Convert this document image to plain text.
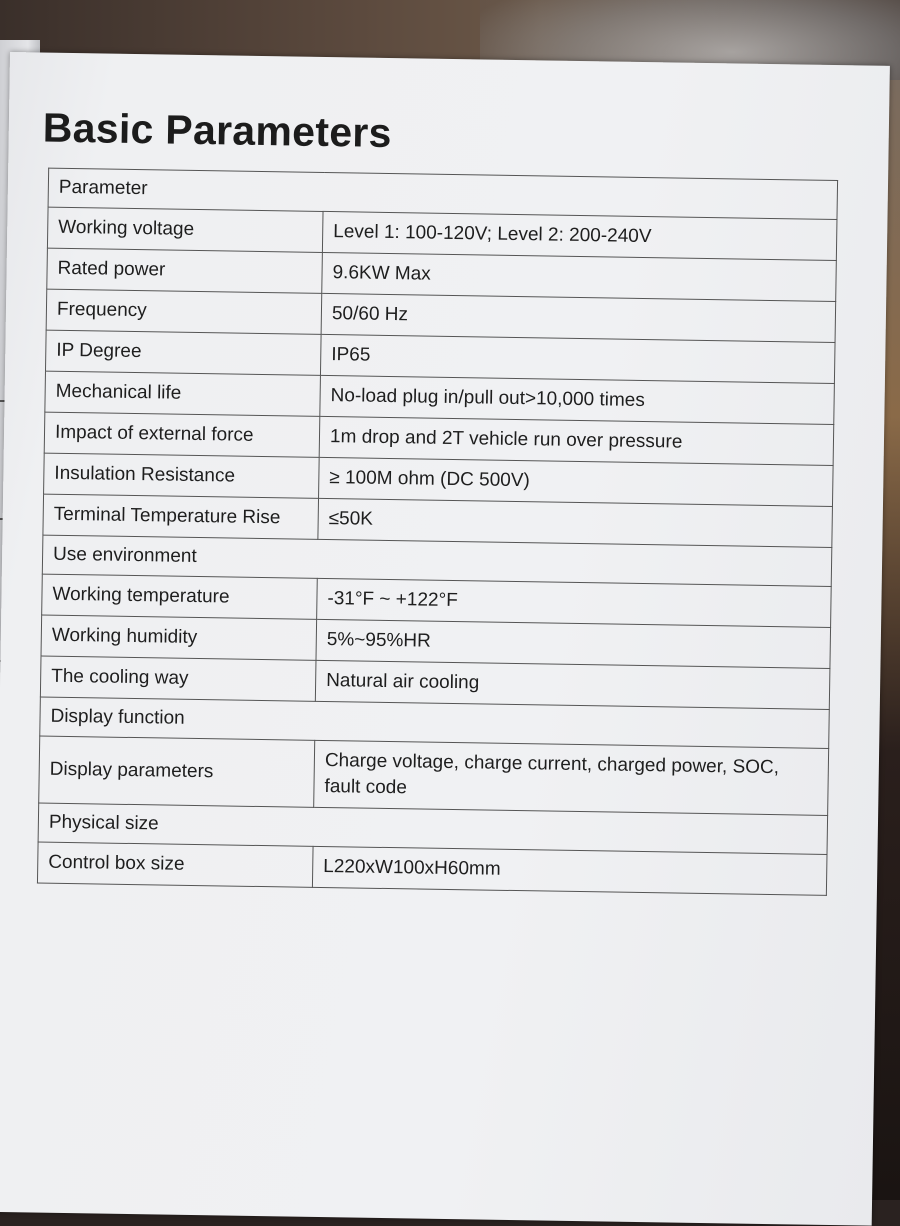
Basic Parameters
Parameter	
Working voltage	Level 1: 100-120V; Level 2: 200-240V
Rated power	9.6KW Max
Frequency	50/60 Hz
IP Degree	IP65
Mechanical life	No-load plug in/pull out>10,000 times
Impact of external force	1m drop and 2T vehicle run over pressure
Insulation Resistance	≥ 100M ohm (DC 500V)
Terminal Temperature Rise	≤50K
Use environment	
Working temperature	-31°F ~ +122°F
Working humidity	5%~95%HR
The cooling way	Natural air cooling
Display function	
Display parameters	Charge voltage, charge current, charged power, SOC, fault code
Physical size	
Control box size	L220xW100xH60mm
